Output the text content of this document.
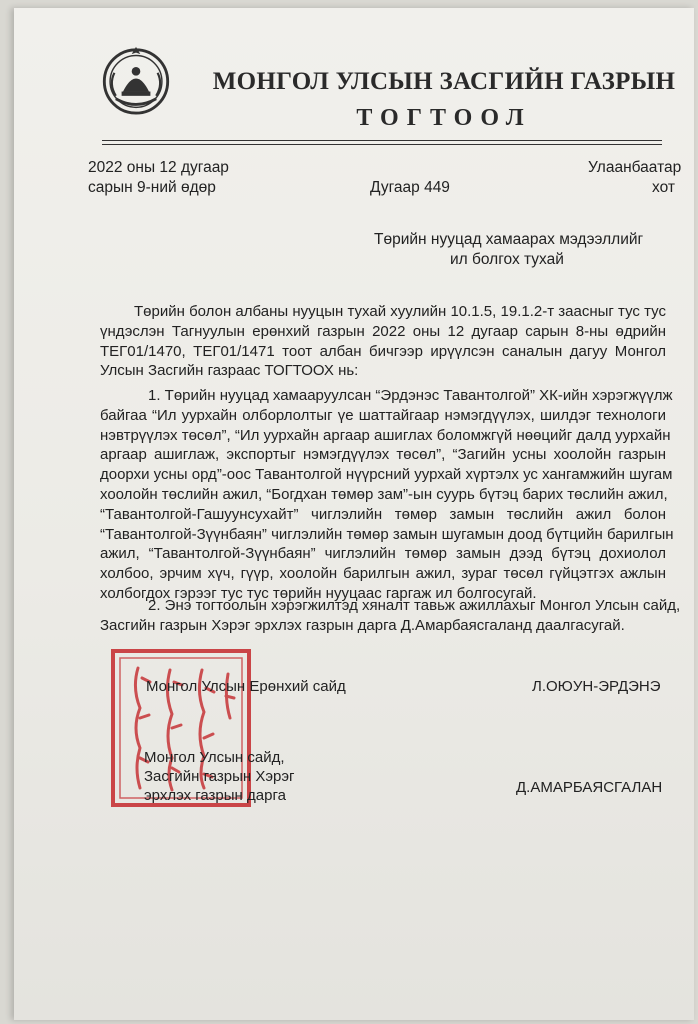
МОНГОЛ УЛСЫН ЗАСГИЙН ГАЗРЫН
ТОГТООЛ
2022 оны 12 дугаар
сарын 9-ний өдөр	Дугаар 449
Улаанбаатар
хот
Төрийн нууцад хамаарах мэдээллийг
ил болгох тухай
Төрийн болон албаны нууцын тухай хуулийн 10.1.5, 19.1.2-т заасныг тус тус
үндэслэн Тагнуулын ерөнхий газрын 2022 оны 12 дугаар сарын 8-ны өдрийн
ТЕГ01/1470, ТЕГ01/1471 тоот албан бичгээр ирүүлсэн саналын дагуу Монгол
Улсын Засгийн газраас ТОГТООХ нь:
1. Төрийн нууцад хамааруулсан “Эрдэнэс Тавантолгой” ХК-ийн хэрэгжүүлж
байгаа “Ил уурхайн олборлолтыг үе шаттайгаар нэмэгдүүлэх, шилдэг технологи
нэвтрүүлэх төсөл”, “Ил уурхайн аргаар ашиглах боломжгүй нөөцийг далд уурхайн
аргаар ашиглаж, экспортыг нэмэгдүүлэх төсөл”, “Загийн усны хоолойн газрын
доорхи усны орд”-оос Тавантолгой нүүрсний уурхай хүртэлх ус хангамжийн шугам
хоолойн төслийн ажил, “Богдхан төмөр зам”-ын суурь бүтэц барих төслийн ажил,
“Тавантолгой-Гашуунсухайт” чиглэлийн төмөр замын төслийн ажил болон
“Тавантолгой-Зүүнбаян” чиглэлийн төмөр замын шугамын доод бүтцийн барилгын
ажил, “Тавантолгой-Зүүнбаян” чиглэлийн төмөр замын дээд бүтэц дохиолол
холбоо, эрчим хүч, гүүр, хоолойн барилгын ажил, зураг төсөл гүйцэтгэх ажлын
холбогдох гэрээг тус тус төрийн нууцаас гаргаж ил болгосугай.
2. Энэ тогтоолын хэрэгжилтэд хяналт тавьж ажиллахыг Монгол Улсын сайд,
Засгийн газрын Хэрэг эрхлэх газрын дарга Д.Амарбаясгаланд даалгасугай.
Монгол Улсын Ерөнхий сайд	Л.ОЮУН-ЭРДЭНЭ
Монгол Улсын сайд,
Засгийн газрын Хэрэг
эрхлэх газрын дарга	Д.АМАРБАЯСГАЛАН
